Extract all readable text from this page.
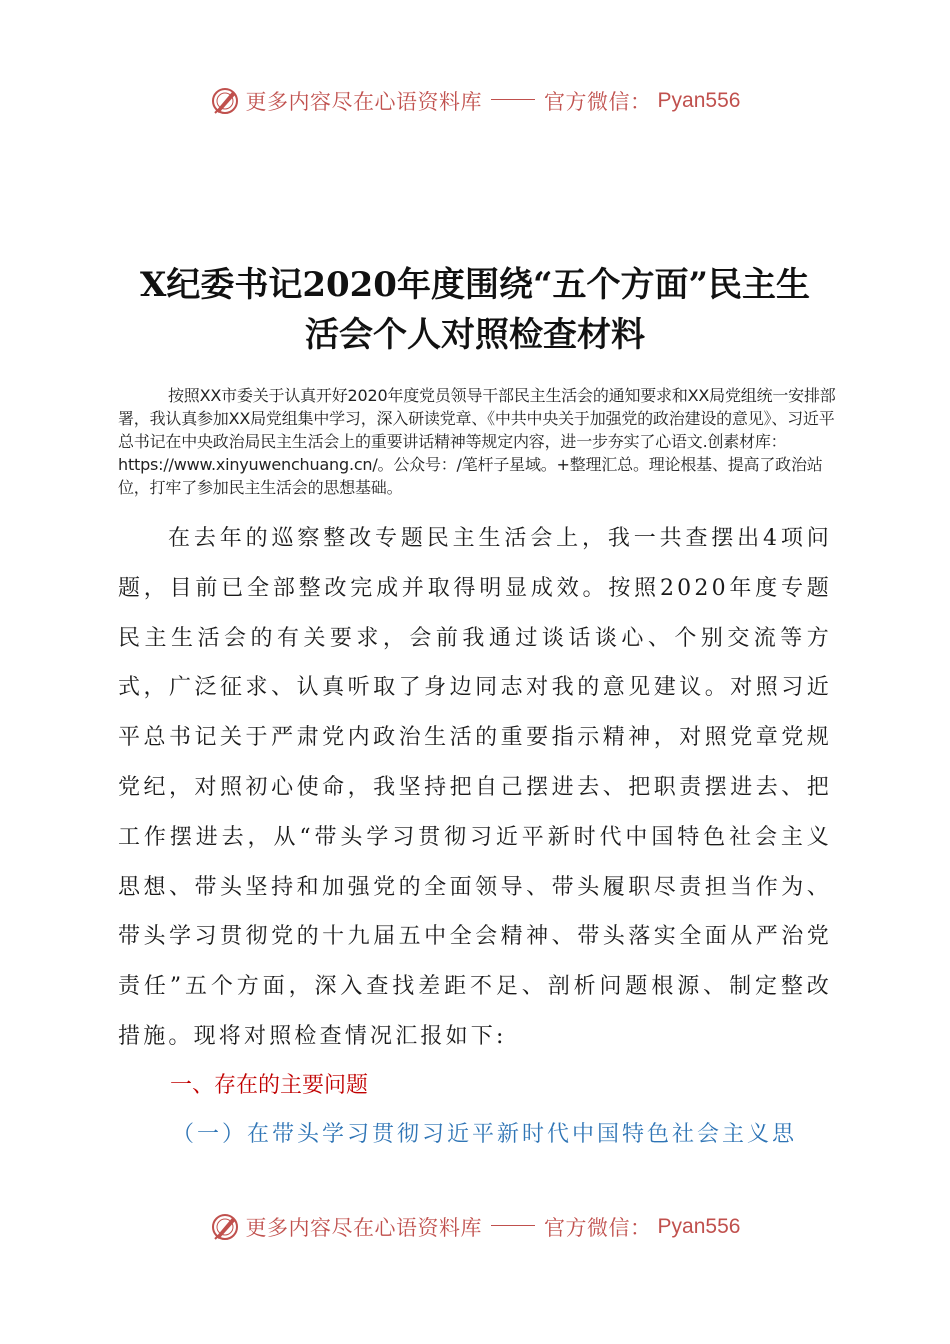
更多内容尽在心语资料库	官方微信： Pyan556
X纪委书记2020年度围绕“五个方面”民主生
活会个人对照检查材料

按照XX市委关于认真开好2020年度党员领导干部民主生活会的通知要求和XX局党组统一安排部署，我认真参加XX局党组集中学习，深入研读党章、《中共中央关于加强党的政治建设的意见》、习近平总书记在中央政治局民主生活会上的重要讲话精神等规定内容，进一步夯实了心语文.创素材库：https://www.xinyuwenchuang.cn/。公众号：/笔杆子星域。+整理汇总。理论根基、提高了政治站位，打牢了参加民主生活会的思想基础。

在去年的巡察整改专题民主生活会上，我一共查摆出4项问题，目前已全部整改完成并取得明显成效。按照2020年度专题民主生活会的有关要求，会前我通过谈话谈心、个别交流等方式，广泛征求、认真听取了身边同志对我的意见建议。对照习近平总书记关于严肃党内政治生活的重要指示精神，对照党章党规党纪，对照初心使命，我坚持把自己摆进去、把职责摆进去、把工作摆进去，从“带头学习贯彻习近平新时代中国特色社会主义思想、带头坚持和加强党的全面领导、带头履职尽责担当作为、带头学习贯彻党的十九届五中全会精神、带头落实全面从严治党责任”五个方面，深入查找差距不足、剖析问题根源、制定整改措施。现将对照检查情况汇报如下:

一、存在的主要问题

（一）在带头学习贯彻习近平新时代中国特色社会主义思

更多内容尽在心语资料库	官方微信： Pyan556
